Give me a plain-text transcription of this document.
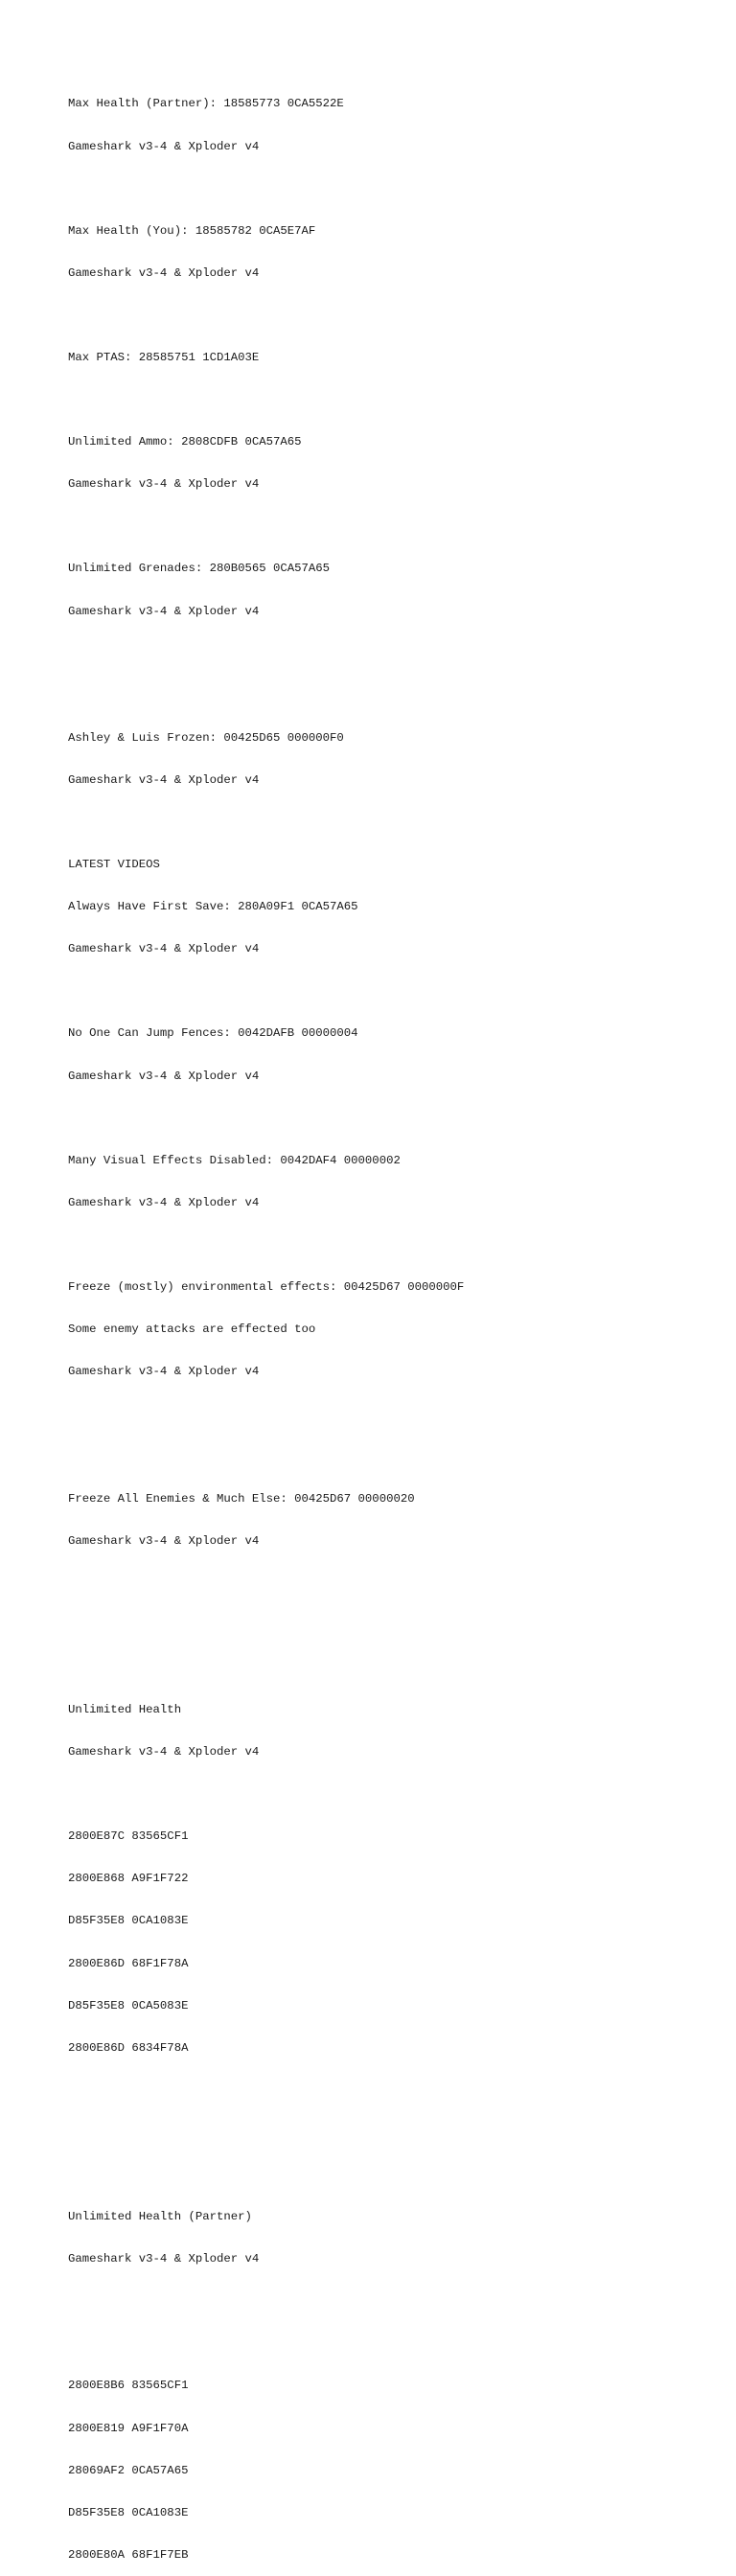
Max Health (Partner): 18585773 0CA5522E

Gameshark v3-4 & Xploder v4

Max Health (You): 18585782 0CA5E7AF

Gameshark v3-4 & Xploder v4

Max PTAS: 28585751 1CD1A03E

Unlimited Ammo: 2808CDFB 0CA57A65

Gameshark v3-4 & Xploder v4

Unlimited Grenades: 280B0565 0CA57A65

Gameshark v3-4 & Xploder v4

Ashley & Luis Frozen: 00425D65 000000F0

Gameshark v3-4 & Xploder v4

LATEST VIDEOS

Always Have First Save: 280A09F1 0CA57A65

Gameshark v3-4 & Xploder v4

No One Can Jump Fences: 0042DAFB 00000004

Gameshark v3-4 & Xploder v4

Many Visual Effects Disabled: 0042DAF4 00000002

Gameshark v3-4 & Xploder v4

Freeze (mostly) environmental effects: 00425D67 0000000F

Some enemy attacks are effected too

Gameshark v3-4 & Xploder v4

Freeze All Enemies & Much Else: 00425D67 00000020

Gameshark v3-4 & Xploder v4

Unlimited Health

Gameshark v3-4 & Xploder v4

2800E87C 83565CF1

2800E868 A9F1F722

D85F35E8 0CA1083E

2800E86D 68F1F78A

D85F35E8 0CA5083E

2800E86D 6834F78A

Unlimited Health (Partner)

Gameshark v3-4 & Xploder v4

2800E8B6 83565CF1

2800E819 A9F1F70A

28069AF2 0CA57A65

D85F35E8 0CA1083E

2800E80A 68F1F7EB
